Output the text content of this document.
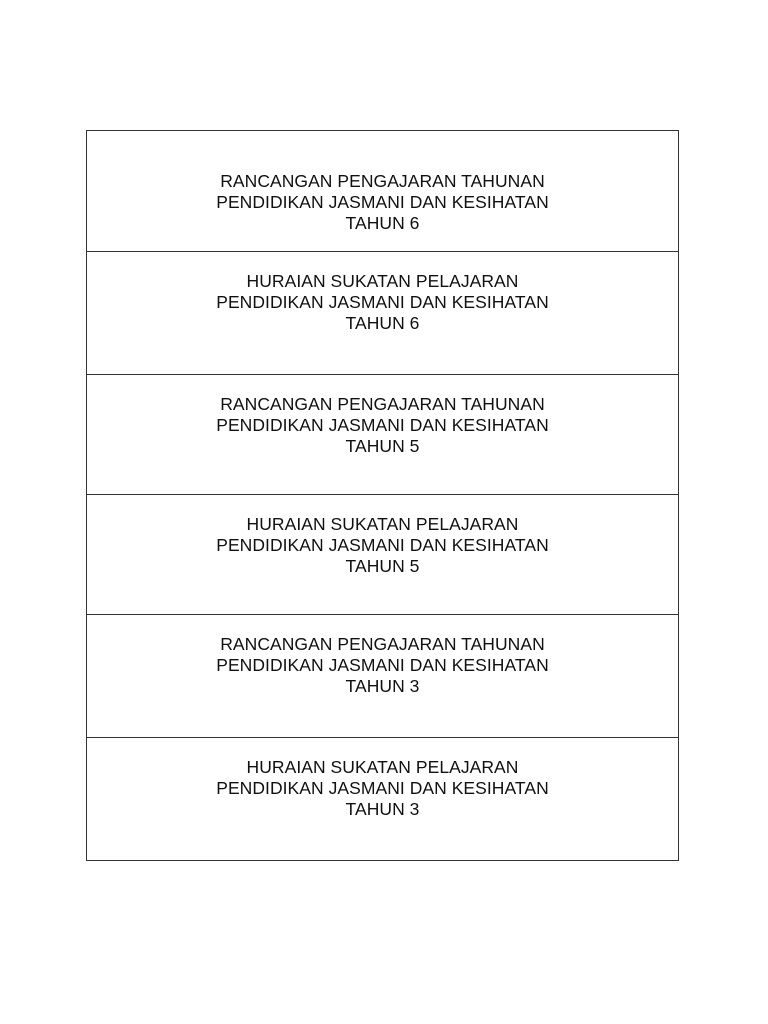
RANCANGAN PENGAJARAN TAHUNAN
PENDIDIKAN JASMANI DAN KESIHATAN
TAHUN 6
HURAIAN SUKATAN PELAJARAN
PENDIDIKAN JASMANI DAN KESIHATAN
TAHUN 6
RANCANGAN PENGAJARAN TAHUNAN
PENDIDIKAN JASMANI DAN KESIHATAN
TAHUN 5
HURAIAN SUKATAN PELAJARAN
PENDIDIKAN JASMANI DAN KESIHATAN
TAHUN 5
RANCANGAN PENGAJARAN TAHUNAN
PENDIDIKAN JASMANI DAN KESIHATAN
TAHUN 3
HURAIAN SUKATAN PELAJARAN
PENDIDIKAN JASMANI DAN KESIHATAN
TAHUN 3
